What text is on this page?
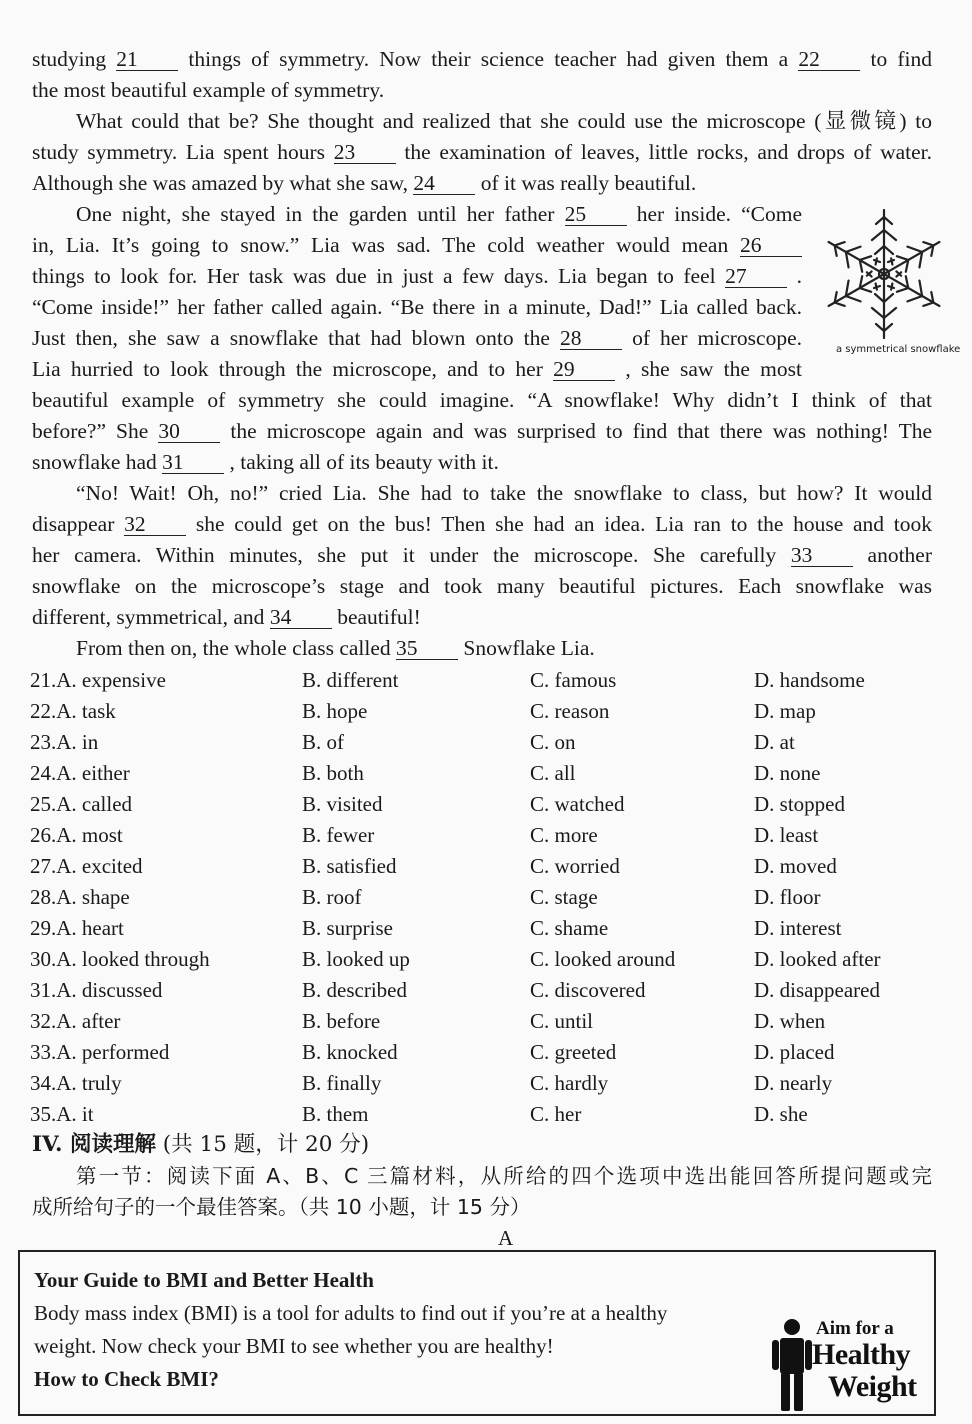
studying 21 things of symmetry. Now their science teacher had given them a 22 to find
the most beautiful example of symmetry.
What could that be? She thought and realized that she could use the microscope (显微镜) to
study symmetry. Lia spent hours 23 the examination of leaves, little rocks, and drops of water.
Although she was amazed by what she saw, 24 of it was really beautiful.
One night, she stayed in the garden until her father 25 her inside. “Come
in, Lia. It’s going to snow.” Lia was sad. The cold weather would mean 26
things to look for. Her task was due in just a few days. Lia began to feel 27 .
“Come inside!” her father called again. “Be there in a minute, Dad!” Lia called back.
Just then, she saw a snowflake that had blown onto the 28 of her microscope.
Lia hurried to look through the microscope, and to her 29 , she saw the most
beautiful example of symmetry she could imagine. “A snowflake! Why didn’t I think of that
before?” She 30 the microscope again and was surprised to find that there was nothing! The
snowflake had 31 , taking all of its beauty with it.
“No! Wait! Oh, no!” cried Lia. She had to take the snowflake to class, but how? It would
disappear 32 she could get on the bus! Then she had an idea. Lia ran to the house and took
her camera. Within minutes, she put it under the microscope. She carefully 33	another
snowflake on the microscope’s stage and took many beautiful pictures. Each snowflake was
different, symmetrical, and 34 beautiful!
From then on, the whole class called 35 Snowflake Lia.
a symmetrical snowflake
21.A. expensive	B. different	C. famous	D. handsome
22.A. task	B. hope	C. reason	D. map
23.A. in	B. of	C. on	D. at
24.A. either	B. both	C. all	D. none
25.A. called	B. visited	C. watched	D. stopped
26.A. most	B. fewer	C. more	D. least
27.A. excited	B. satisfied	C. worried	D. moved
28.A. shape	B. roof	C. stage	D. floor
29.A. heart	B. surprise	C. shame	D. interest
30.A. looked through	B. looked up	C. looked around	D. looked after
31.A. discussed	B. described	C. discovered	D. disappeared
32.A. after	B. before	C. until	D. when
33.A. performed	B. knocked	C. greeted	D. placed
34.A. truly	B. finally	C. hardly	D. nearly
35.A. it	B. them	C. her	D. she
IV. 阅读理解 (共 15 题，计 20 分)
第一节：阅读下面 A、B、C 三篇材料，从所给的四个选项中选出能回答所提问题或完
成所给句子的一个最佳答案。（共 10 小题，计 15 分）
A
Your Guide to BMI and Better Health
Body mass index (BMI) is a tool for adults to find out if you’re at a healthy
weight. Now check your BMI to see whether you are healthy!
How to Check BMI?
Aim for a
Healthy
Weight
